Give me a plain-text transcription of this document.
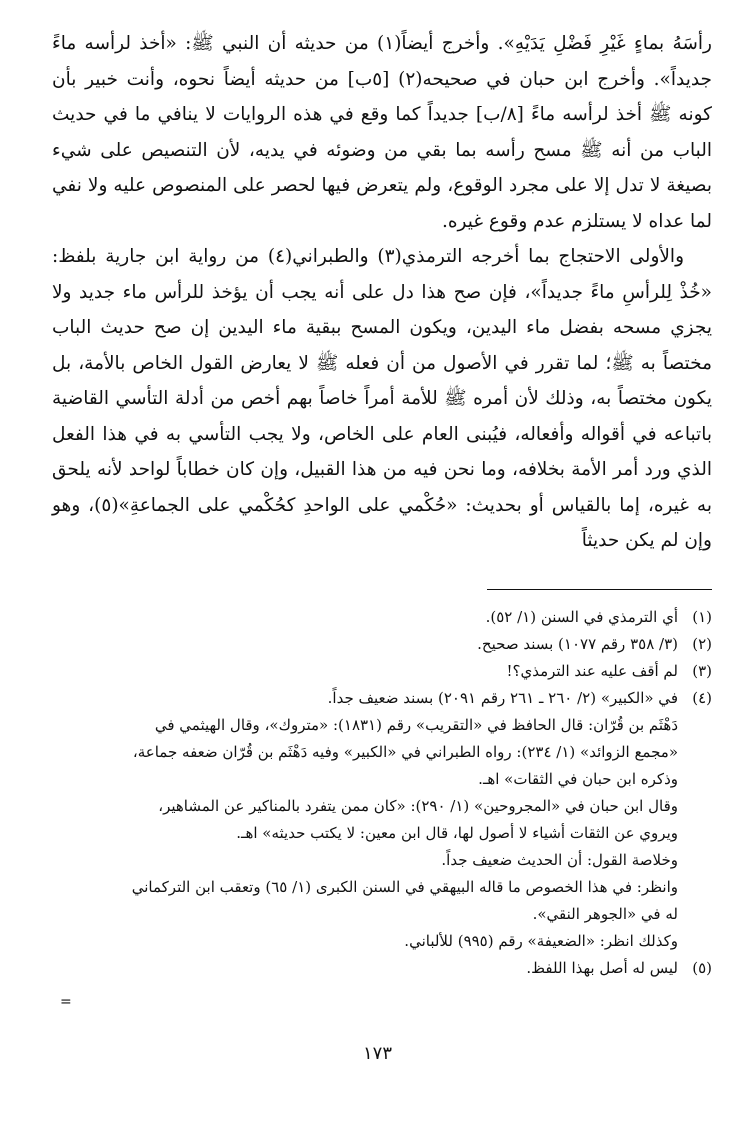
رأسَهُ بماءٍ غَيْرِ فَضْلِ يَدَيْهِ». وأخرج أيضاً(١) من حديثه أن النبي ﷺ: «أخذ لرأسه ماءً جديداً». وأخرج ابن حبان في صحيحه(٢) [٥ب] من حديثه أيضاً نحوه، وأنت خبير بأن كونه ﷺ أخذ لرأسه ماءً [٨/ب] جديداً كما وقع في هذه الروايات لا ينافي ما في حديث الباب من أنه ﷺ مسح رأسه بما بقي من وضوئه في يديه، لأن التنصيص على شيء بصيغة لا تدل إلا على مجرد الوقوع، ولم يتعرض فيها لحصر على المنصوص عليه ولا نفي لما عداه لا يستلزم عدم وقوع غيره.

والأولى الاحتجاج بما أخرجه الترمذي(٣) والطبراني(٤) من رواية ابن جارية بلفظ: «خُذْ لِلرأسِ ماءً جديداً»، فإن صح هذا دل على أنه يجب أن يؤخذ للرأس ماء جديد ولا يجزي مسحه بفضل ماء اليدين، ويكون المسح ببقية ماء اليدين إن صح حديث الباب مختصاً به ﷺ؛ لما تقرر في الأصول من أن فعله ﷺ لا يعارض القول الخاص بالأمة، بل يكون مختصاً به، وذلك لأن أمره ﷺ للأمة أمراً خاصاً بهم أخص من أدلة التأسي القاضية باتباعه في أقواله وأفعاله، فيُبنى العام على الخاص، ولا يجب التأسي به في هذا الفعل الذي ورد أمر الأمة بخلافه، وما نحن فيه من هذا القبيل، وإن كان خطاباً لواحد لأنه يلحق به غيره، إما بالقياس أو بحديث: «حُكْمي على الواحدِ كحُكْمي على الجماعةِ»(٥)، وهو وإن لم يكن حديثاً

(١)
أي الترمذي في السنن (١/ ٥٢).
(٢)
(٣/ ٣٥٨ رقم ١٠٧٧) بسند صحيح.
(٣)
لم أقف عليه عند الترمذي؟!
(٤)
في «الكبير» (٢/ ٢٦٠ ـ ٢٦١ رقم ٢٠٩١) بسند ضعيف جداً.
دَهْثَم بن قُرّان: قال الحافظ في «التقريب» رقم (١٨٣١): «متروك»، وقال الهيثمي في
«مجمع الزوائد» (١/ ٢٣٤): رواه الطبراني في «الكبير» وفيه دَهْثَم بن قُرّان ضعفه جماعة،
وذكره ابن حبان في الثقات» اهـ.
وقال ابن حبان في «المجروحين» (١/ ٢٩٠): «كان ممن يتفرد بالمناكير عن المشاهير،
ويروي عن الثقات أشياء لا أصول لها، قال ابن معين: لا يكتب حديثه» اهـ.
وخلاصة القول: أن الحديث ضعيف جداً.
وانظر: في هذا الخصوص ما قاله البيهقي في السنن الكبرى (١/ ٦٥) وتعقب ابن التركماني
له في «الجوهر النقي».
وكذلك انظر: «الضعيفة» رقم (٩٩٥) للألباني.
(٥)
ليس له أصل بهذا اللفظ.
=
١٧٣
